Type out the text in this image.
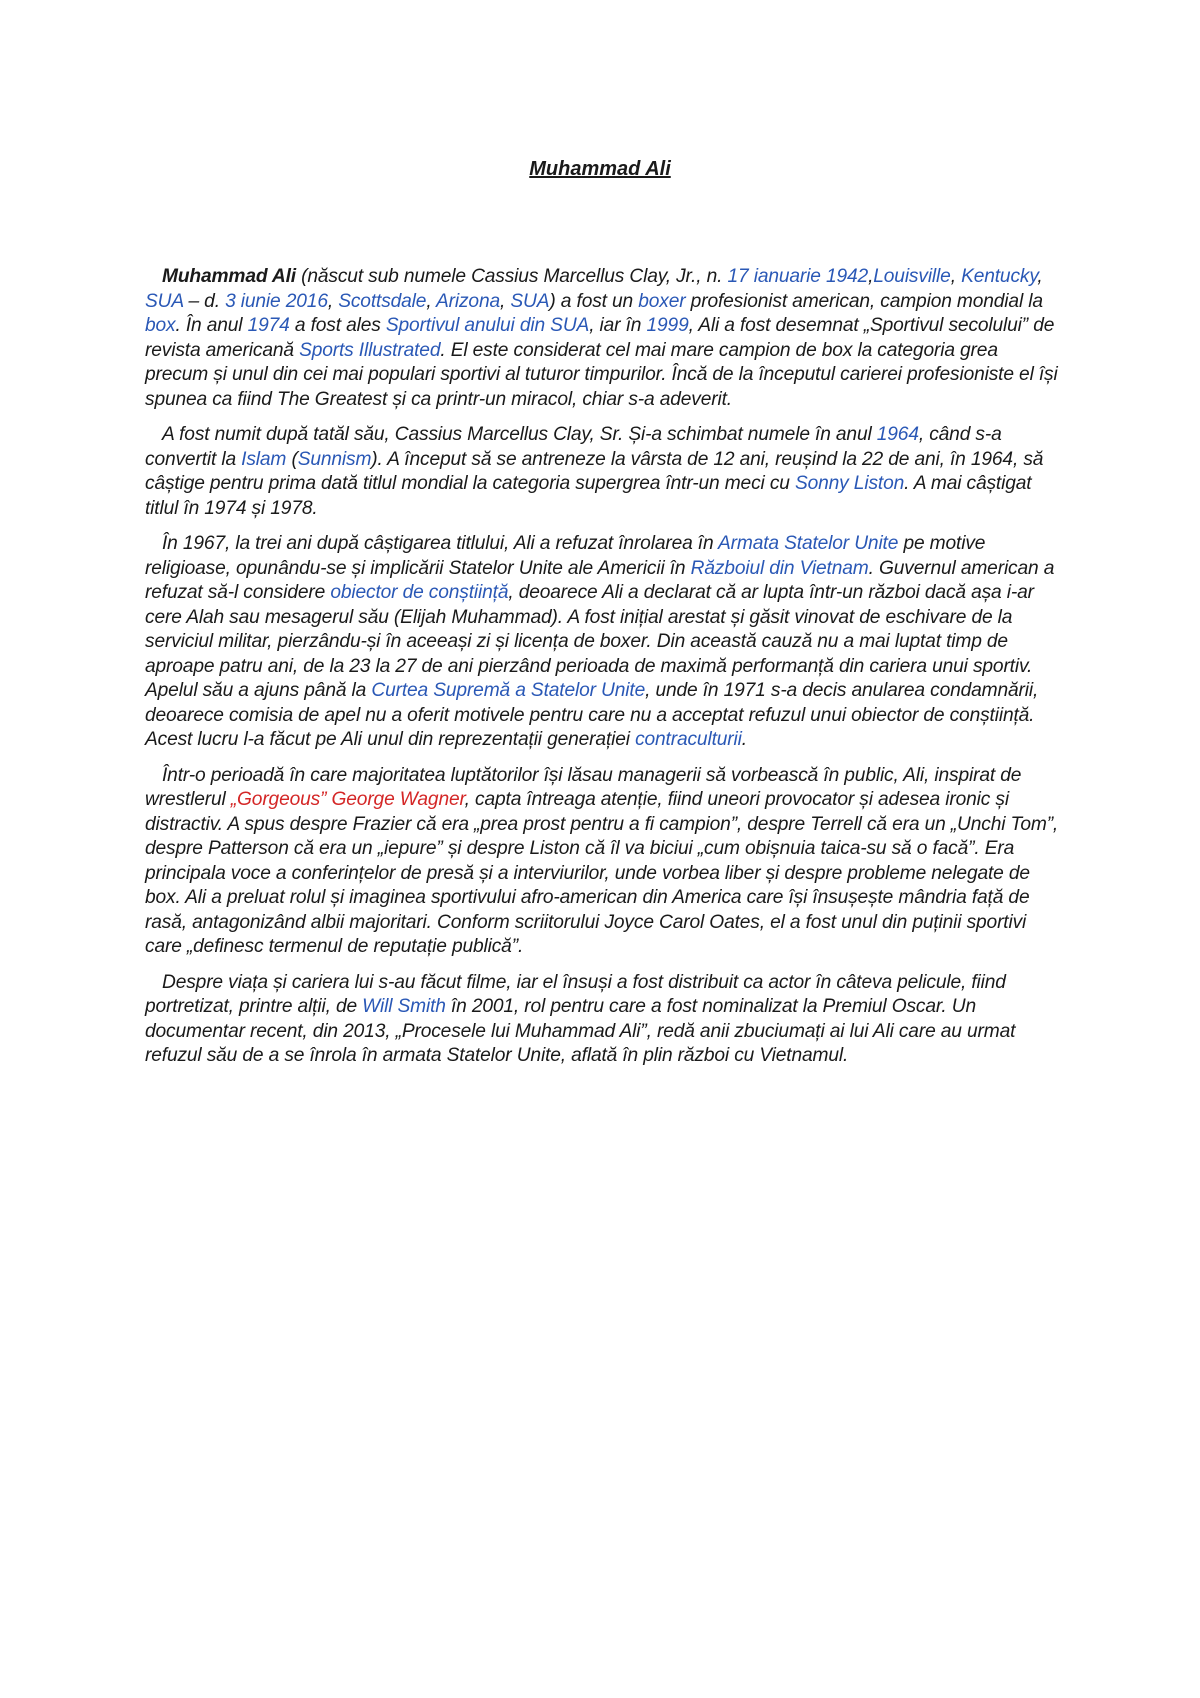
Muhammad Ali

Muhammad Ali (născut sub numele Cassius Marcellus Clay, Jr., n. 17 ianuarie 1942,Louisville, Kentucky, SUA – d. 3 iunie 2016, Scottsdale, Arizona, SUA) a fost un boxer profesionist american, campion mondial la box. În anul 1974 a fost ales Sportivul anului din SUA, iar în 1999, Ali a fost desemnat „Sportivul secolului” de revista americană Sports Illustrated. El este considerat cel mai mare campion de box la categoria grea precum și unul din cei mai populari sportivi al tuturor timpurilor. Încă de la începutul carierei profesioniste el își spunea ca fiind The Greatest și ca printr-un miracol, chiar s-a adeverit.

A fost numit după tatăl său, Cassius Marcellus Clay, Sr. Și-a schimbat numele în anul 1964, când s-a convertit la Islam (Sunnism). A început să se antreneze la vârsta de 12 ani, reușind la 22 de ani, în 1964, să câștige pentru prima dată titlul mondial la categoria supergrea într-un meci cu Sonny Liston. A mai câștigat titlul în 1974 și 1978.

În 1967, la trei ani după câștigarea titlului, Ali a refuzat înrolarea în Armata Statelor Unite pe motive religioase, opunându-se și implicării Statelor Unite ale Americii în Războiul din Vietnam. Guvernul american a refuzat să-l considere obiector de conștiință, deoarece Ali a declarat că ar lupta într-un război dacă așa i-ar cere Alah sau mesagerul său (Elijah Muhammad). A fost inițial arestat și găsit vinovat de eschivare de la serviciul militar, pierzându-și în aceeași zi și licența de boxer. Din această cauză nu a mai luptat timp de aproape patru ani, de la 23 la 27 de ani pierzând perioada de maximă performanță din cariera unui sportiv. Apelul său a ajuns până la Curtea Supremă a Statelor Unite, unde în 1971 s-a decis anularea condamnării, deoarece comisia de apel nu a oferit motivele pentru care nu a acceptat refuzul unui obiector de conștiință. Acest lucru l-a făcut pe Ali unul din reprezentații generației contraculturii.

Într-o perioadă în care majoritatea luptătorilor își lăsau managerii să vorbească în public, Ali, inspirat de wrestlerul „Gorgeous” George Wagner, capta întreaga atenție, fiind uneori provocator și adesea ironic și distractiv. A spus despre Frazier că era „prea prost pentru a fi campion”, despre Terrell că era un „Unchi Tom”, despre Patterson că era un „iepure” și despre Liston că îl va biciui „cum obișnuia taica-su să o facă”. Era principala voce a conferințelor de presă și a interviurilor, unde vorbea liber și despre probleme nelegate de box. Ali a preluat rolul și imaginea sportivului afro-american din America care își însușește mândria față de rasă, antagonizând albii majoritari. Conform scriitorului Joyce Carol Oates, el a fost unul din puținii sportivi care „definesc termenul de reputație publică”.

Despre viața și cariera lui s-au făcut filme, iar el însuși a fost distribuit ca actor în câteva pelicule, fiind portretizat, printre alții, de Will Smith în 2001, rol pentru care a fost nominalizat la Premiul Oscar. Un documentar recent, din 2013, „Procesele lui Muhammad Ali”, redă anii zbuciumați ai lui Ali care au urmat refuzul său de a se înrola în armata Statelor Unite, aflată în plin război cu Vietnamul.
